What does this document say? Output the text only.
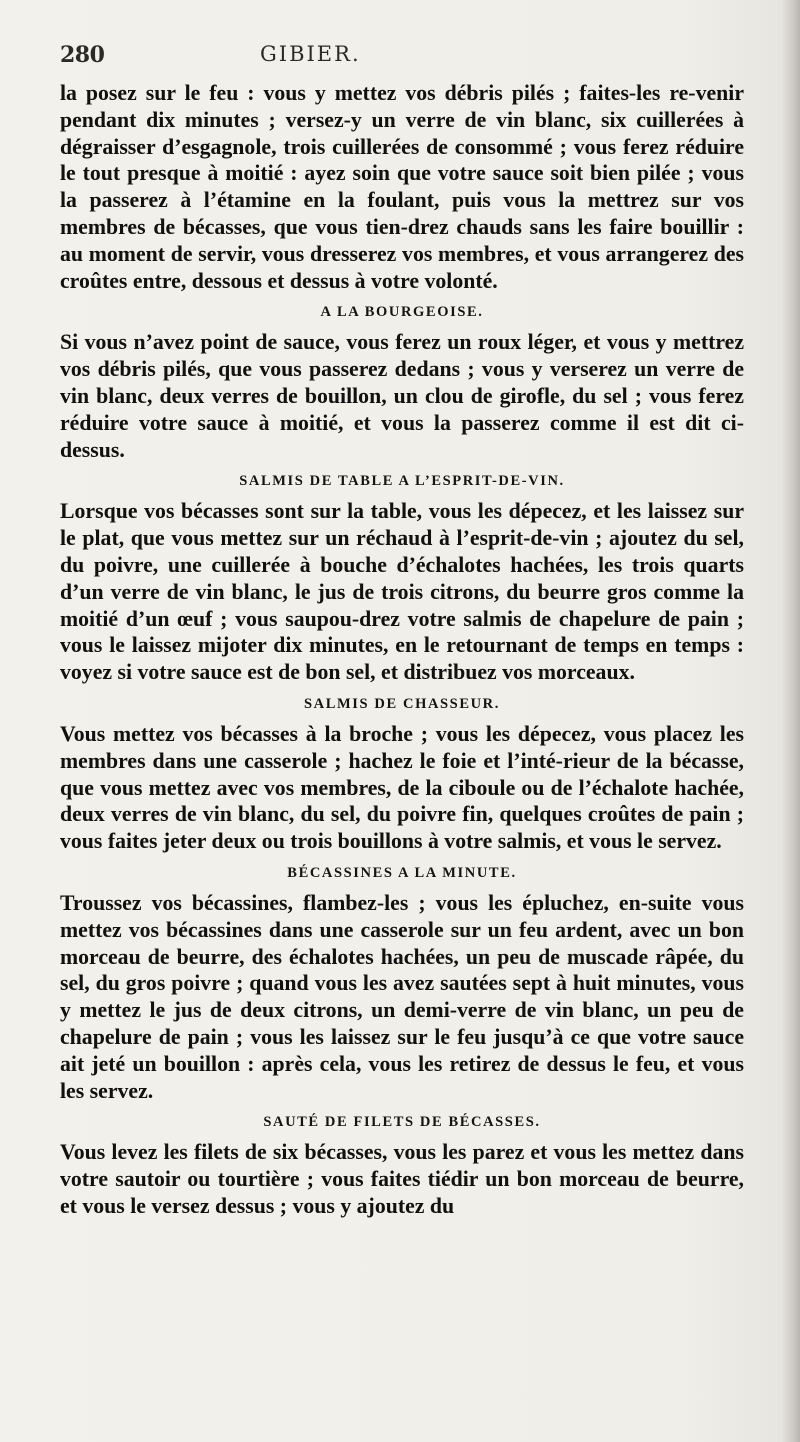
280	GIBIER.

la posez sur le feu : vous y mettez vos débris pilés ; faites-les re-venir pendant dix minutes ; versez-y un verre de vin blanc, six cuillerées à dégraisser d’esgagnole, trois cuillerées de consommé ; vous ferez réduire le tout presque à moitié : ayez soin que votre sauce soit bien pilée ; vous la passerez à l’étamine en la foulant, puis vous la mettrez sur vos membres de bécasses, que vous tien-drez chauds sans les faire bouillir : au moment de servir, vous dresserez vos membres, et vous arrangerez des croûtes entre, dessous et dessus à votre volonté.

A LA BOURGEOISE.

Si vous n’avez point de sauce, vous ferez un roux léger, et vous y mettrez vos débris pilés, que vous passerez dedans ; vous y verserez un verre de vin blanc, deux verres de bouillon, un clou de girofle, du sel ; vous ferez réduire votre sauce à moitié, et vous la passerez comme il est dit ci-dessus.

SALMIS DE TABLE A L’ESPRIT-DE-VIN.

Lorsque vos bécasses sont sur la table, vous les dépecez, et les laissez sur le plat, que vous mettez sur un réchaud à l’esprit-de-vin ; ajoutez du sel, du poivre, une cuillerée à bouche d’échalotes hachées, les trois quarts d’un verre de vin blanc, le jus de trois citrons, du beurre gros comme la moitié d’un œuf ; vous saupou-drez votre salmis de chapelure de pain ; vous le laissez mijoter dix minutes, en le retournant de temps en temps : voyez si votre sauce est de bon sel, et distribuez vos morceaux.

SALMIS DE CHASSEUR.

Vous mettez vos bécasses à la broche ; vous les dépecez, vous placez les membres dans une casserole ; hachez le foie et l’inté-rieur de la bécasse, que vous mettez avec vos membres, de la ciboule ou de l’échalote hachée, deux verres de vin blanc, du sel, du poivre fin, quelques croûtes de pain ; vous faites jeter deux ou trois bouillons à votre salmis, et vous le servez.

BÉCASSINES A LA MINUTE.

Troussez vos bécassines, flambez-les ; vous les épluchez, en-suite vous mettez vos bécassines dans une casserole sur un feu ardent, avec un bon morceau de beurre, des échalotes hachées, un peu de muscade râpée, du sel, du gros poivre ; quand vous les avez sautées sept à huit minutes, vous y mettez le jus de deux citrons, un demi-verre de vin blanc, un peu de chapelure de pain ; vous les laissez sur le feu jusqu’à ce que votre sauce ait jeté un bouillon : après cela, vous les retirez de dessus le feu, et vous les servez.

SAUTÉ DE FILETS DE BÉCASSES.

Vous levez les filets de six bécasses, vous les parez et vous les mettez dans votre sautoir ou tourtière ; vous faites tiédir un bon morceau de beurre, et vous le versez dessus ; vous y ajoutez du
